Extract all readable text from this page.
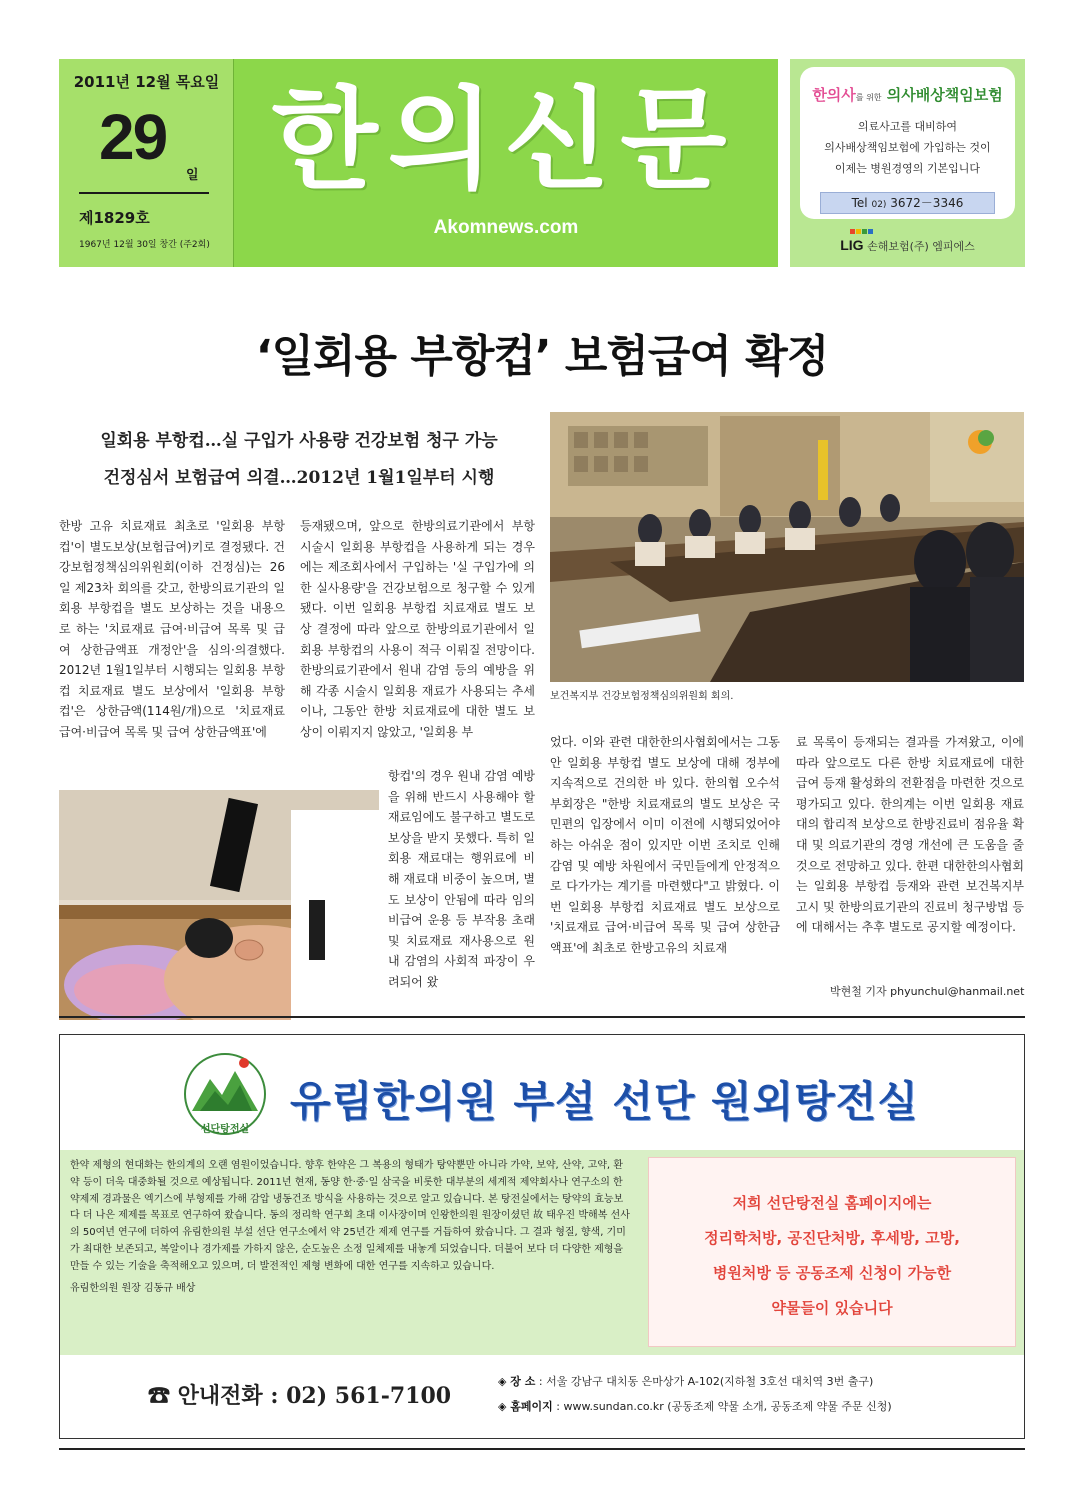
2011년 12월 목요일
29
일
제1829호
1967년 12월 30일 창간 (주2회)
한의신문
Akomnews.com
한의사를 위한 의사배상책임보험
의료사고를 대비하여
의사배상책임보험에 가입하는 것이
이제는 병원경영의 기본입니다
Tel 02) 3672－3346
LIG 손해보험(주) 엠피에스
‘일회용 부항컵’ 보험급여 확정
일회용 부항컵…실 구입가 사용량 건강보험 청구 가능
건정심서 보험급여 의결…2012년 1월1일부터 시행
보건복지부 건강보험정책심의위원회 회의.
한방 고유 치료재료 최초로 '일회용 부항컵'이 별도보상(보험급여)키로 결정됐다. 건강보험정책심의위원회(이하 건정심)는 26일 제23차 회의를 갖고, 한방의료기관의 일회용 부항컵을 별도 보상하는 것을 내용으로 하는 '치료재료 급여·비급여 목록 및 급여 상한금액표 개정안'을 심의·의결했다. 2012년 1월1일부터 시행되는 일회용 부항컵 치료재료 별도 보상에서 '일회용 부항컵'은 상한금액(114원/개)으로 '치료재료 급여·비급여 목록 및 급여 상한금액표'에
등재됐으며, 앞으로 한방의료기관에서 부항시술시 일회용 부항컵을 사용하게 되는 경우에는 제조회사에서 구입하는 '실 구입가에 의한 실사용량'을 건강보험으로 청구할 수 있게 됐다. 이번 일회용 부항컵 치료재료 별도 보상 결정에 따라 앞으로 한방의료기관에서 일회용 부항컵의 사용이 적극 이뤄질 전망이다. 한방의료기관에서 원내 감염 등의 예방을 위해 각종 시술시 일회용 재료가 사용되는 추세이나, 그동안 한방 치료재료에 대한 별도 보상이 이뤄지지 않았고, '일회용 부
항컵'의 경우 원내 감염 예방을 위해 반드시 사용해야 할 재료임에도 불구하고 별도로 보상을 받지 못했다. 특히 일회용 재료대는 행위료에 비해 재료대 비중이 높으며, 별도 보상이 안됨에 따라 임의 비급여 운용 등 부작용 초래 및 치료재료 재사용으로 원내 감염의 사회적 파장이 우려되어 왔
었다. 이와 관련 대한한의사협회에서는 그동안 일회용 부항컵 별도 보상에 대해 정부에 지속적으로 건의한 바 있다. 한의협 오수석 부회장은 "한방 치료재료의 별도 보상은 국민편의 입장에서 이미 이전에 시행되었어야 하는 아쉬운 점이 있지만 이번 조치로 인해 감염 및 예방 차원에서 국민들에게 안정적으로 다가가는 계기를 마련했다"고 밝혔다. 이번 일회용 부항컵 치료재료 별도 보상으로 '치료재료 급여·비급여 목록 및 급여 상한금액표'에 최초로 한방고유의 치료재
료 목록이 등재되는 결과를 가져왔고, 이에 따라 앞으로도 다른 한방 치료재료에 대한 급여 등재 활성화의 전환점을 마련한 것으로 평가되고 있다. 한의계는 이번 일회용 재료대의 합리적 보상으로 한방진료비 점유율 확대 및 의료기관의 경영 개선에 큰 도움을 줄 것으로 전망하고 있다. 한편 대한한의사협회는 일회용 부항컵 등재와 관련 보건복지부 고시 및 한방의료기관의 진료비 청구방법 등에 대해서는 추후 별도로 공지할 예정이다.
박현철 기자 phyunchul@hanmail.net
선단탕전실
유림한의원 부설 선단 원외탕전실
한약 제형의 현대화는 한의계의 오랜 염원이었습니다. 향후 한약은 그 복용의 형태가 탕약뿐만 아니라 가약, 보약, 산약, 고약, 환약 등이 더욱 대중화될 것으로 예상됩니다. 2011년 현재, 동양 한·중·일 삼국을 비롯한 대부분의 세계적 제약회사나 연구소의 한약제제 경과물은 엑기스에 부형제를 가해 감압 냉동건조 방식을 사용하는 것으로 알고 있습니다. 본 탕전실에서는 탕약의 효능보다 더 나은 제제를 목표로 연구하여 왔습니다. 동의 정리학 연구회 초대 이사장이며 인왕한의원 원장이셨던 故 태우진 박해복 선사의 50여년 연구에 더하여 유림한의원 부설 선단 연구소에서 약 25년간 제제 연구를 거듭하여 왔습니다. 그 결과 형질, 향색, 기미가 최대한 보존되고, 복알이나 경가제를 가하지 않은, 순도높은 소정 일체제를 내놓게 되었습니다. 더불어 보다 더 다양한 제형을 만들 수 있는 기술을 축적해오고 있으며, 더 발전적인 제형 변화에 대한 연구를 지속하고 있습니다.
유림한의원 원장 김동규 배상
저희 선단탕전실 홈페이지에는
정리학처방, 공진단처방, 후세방, 고방,
병원처방 등 공동조제 신청이 가능한
약물들이 있습니다
☎ 안내전화 : 02) 561-7100
◈ 장 소 : 서울 강남구 대치동 은마상가 A-102(지하철 3호선 대치역 3번 출구)
◈ 홈페이지 : www.sundan.co.kr (공동조제 약물 소개, 공동조제 약물 주문 신청)
